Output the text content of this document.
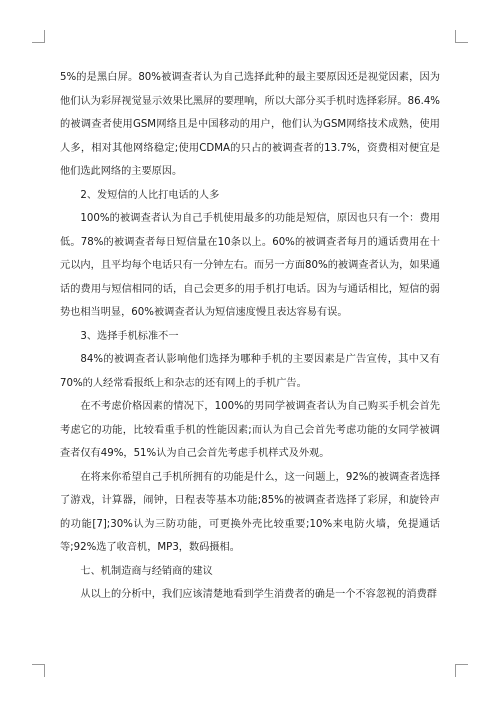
5%的是黑白屏。80%被调查者认为自己选择此种的最主要原因还是视觉因素，因为他们认为彩屏视觉显示效果比黑屏的要理响，所以大部分买手机时选择彩屏。86.4%的被调查者使用GSM网络且是中国移动的用户，他们认为GSM网络技术成熟，使用人多，相对其他网络稳定;使用CDMA的只占的被调查者的13.7%，资费相对便宜是他们选此网络的主要原因。

2、发短信的人比打电话的人多

100%的被调查者认为自己手机使用最多的功能是短信，原因也只有一个：费用低。78%的被调查者每日短信量在10条以上。60%的被调查者每月的通话费用在十元以内，且平均每个电话只有一分钟左右。而另一方面80%的被调查者认为，如果通话的费用与短信相同的话，自己会更多的用手机打电话。因为与通话相比，短信的弱势也相当明显，60%被调查者认为短信速度慢且表达容易有误。

3、选择手机标准不一

84%的被调查者认影响他们选择为哪种手机的主要因素是广告宣传，其中又有70%的人经常看报纸上和杂志的还有网上的手机广告。

在不考虑价格因素的情况下，100%的男同学被调查者认为自己购买手机会首先考虑它的功能，比较看重手机的性能因素;而认为自己会首先考虑功能的女同学被调查者仅有49%，51%认为自己会首先考虑手机样式及外观。

在将来你希望自己手机所拥有的功能是什么，这一问题上，92%的被调查者选择了游戏，计算器，闹钟，日程表等基本功能;85%的被调查者选择了彩屏，和旋铃声的功能[7];30%认为三防功能，可更换外壳比较重要;10%来电防火墙，免提通话等;92%选了收音机，MP3，数码摄相。

七、机制造商与经销商的建议

从以上的分析中，我们应该清楚地看到学生消费者的确是一个不容忽视的消费群
